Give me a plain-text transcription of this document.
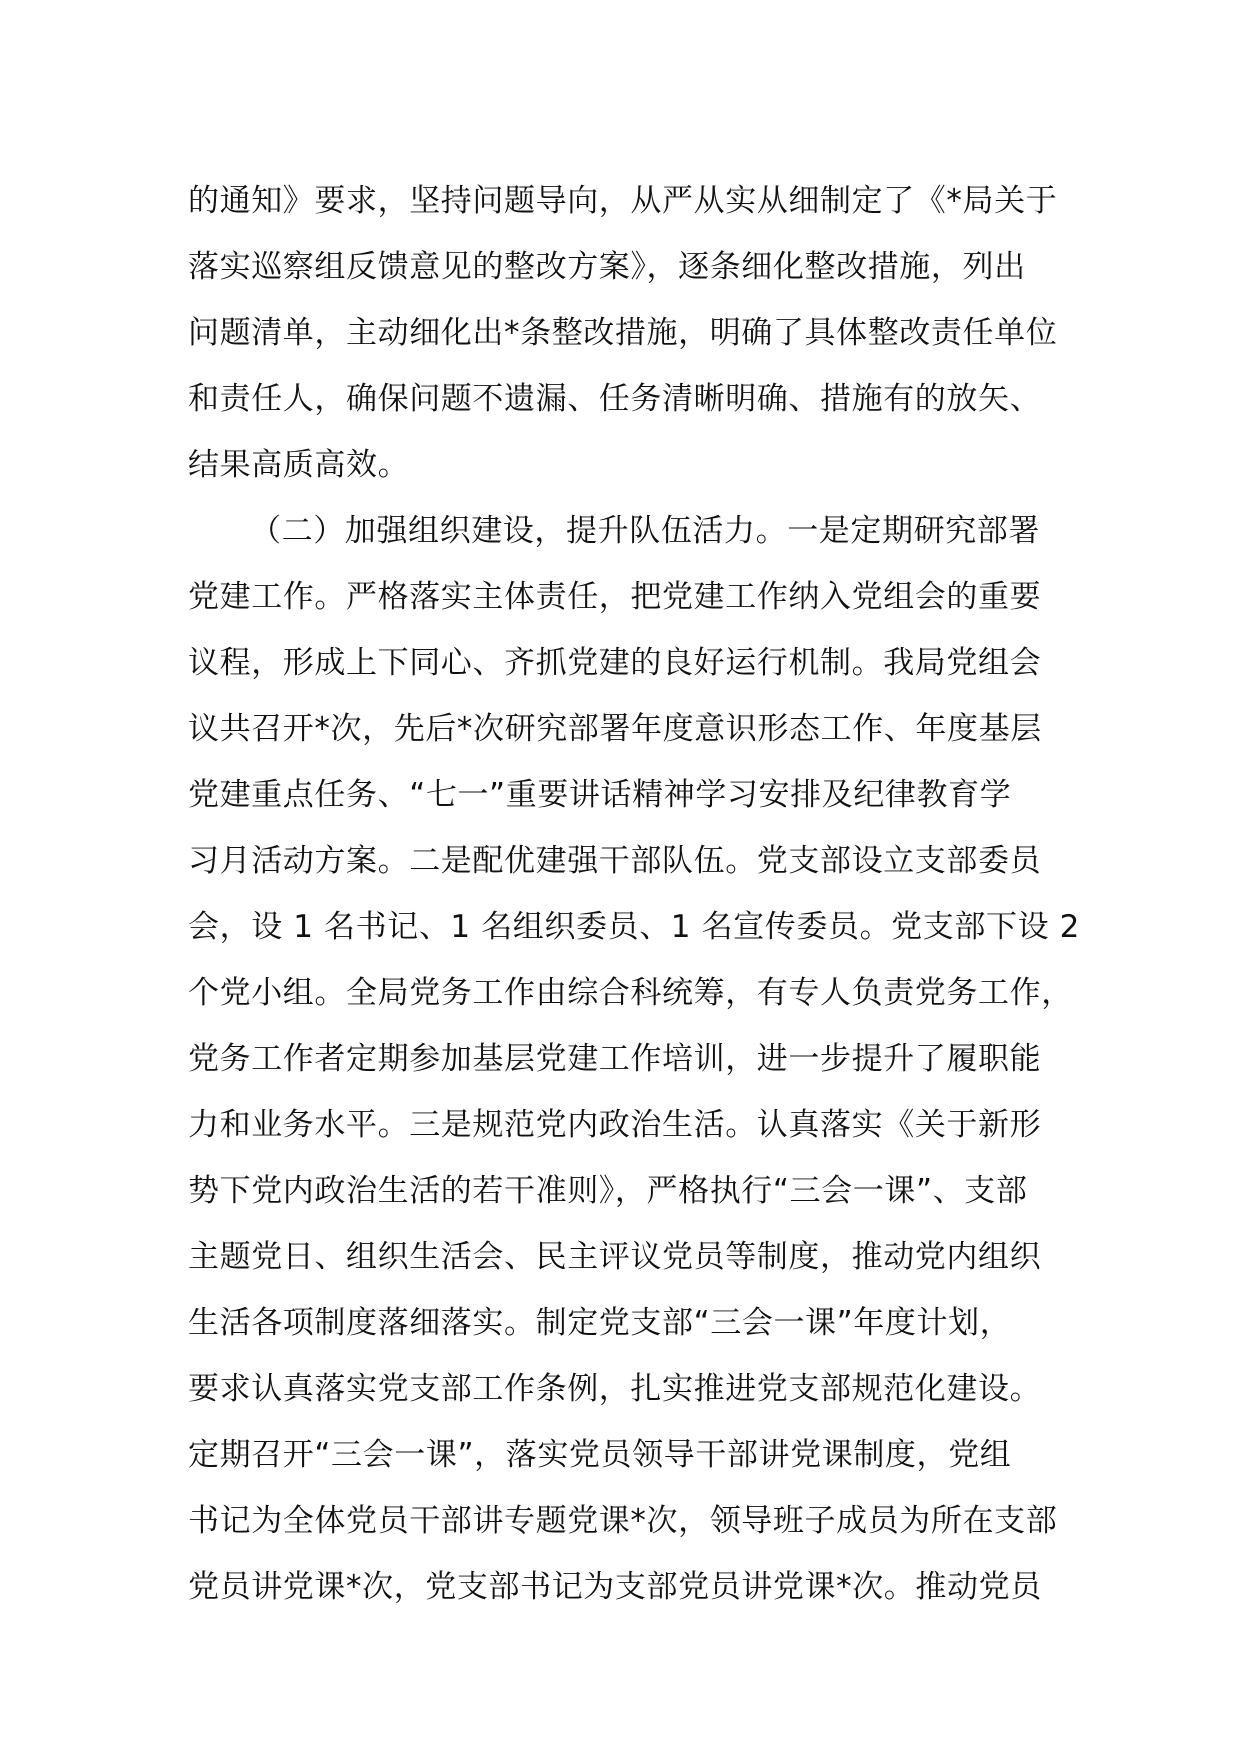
的通知》要求，坚持问题导向，从严从实从细制定了《*局关于
落实巡察组反馈意见的整改方案》，逐条细化整改措施，列出
问题清单，主动细化出*条整改措施，明确了具体整改责任单位
和责任人，确保问题不遗漏、任务清晰明确、措施有的放矢、
结果高质高效。
（二）加强组织建设，提升队伍活力。一是定期研究部署
党建工作。严格落实主体责任，把党建工作纳入党组会的重要
议程，形成上下同心、齐抓党建的良好运行机制。我局党组会
议共召开*次，先后*次研究部署年度意识形态工作、年度基层
党建重点任务、“七一”重要讲话精神学习安排及纪律教育学
习月活动方案。二是配优建强干部队伍。党支部设立支部委员
会，设 1 名书记、1 名组织委员、1 名宣传委员。党支部下设 2
个党小组。全局党务工作由综合科统筹，有专人负责党务工作，
党务工作者定期参加基层党建工作培训，进一步提升了履职能
力和业务水平。三是规范党内政治生活。认真落实《关于新形
势下党内政治生活的若干准则》，严格执行“三会一课”、支部
主题党日、组织生活会、民主评议党员等制度，推动党内组织
生活各项制度落细落实。制定党支部“三会一课”年度计划，
要求认真落实党支部工作条例，扎实推进党支部规范化建设。
定期召开“三会一课”，落实党员领导干部讲党课制度，党组
书记为全体党员干部讲专题党课*次，领导班子成员为所在支部
党员讲党课*次，党支部书记为支部党员讲党课*次。推动党员
